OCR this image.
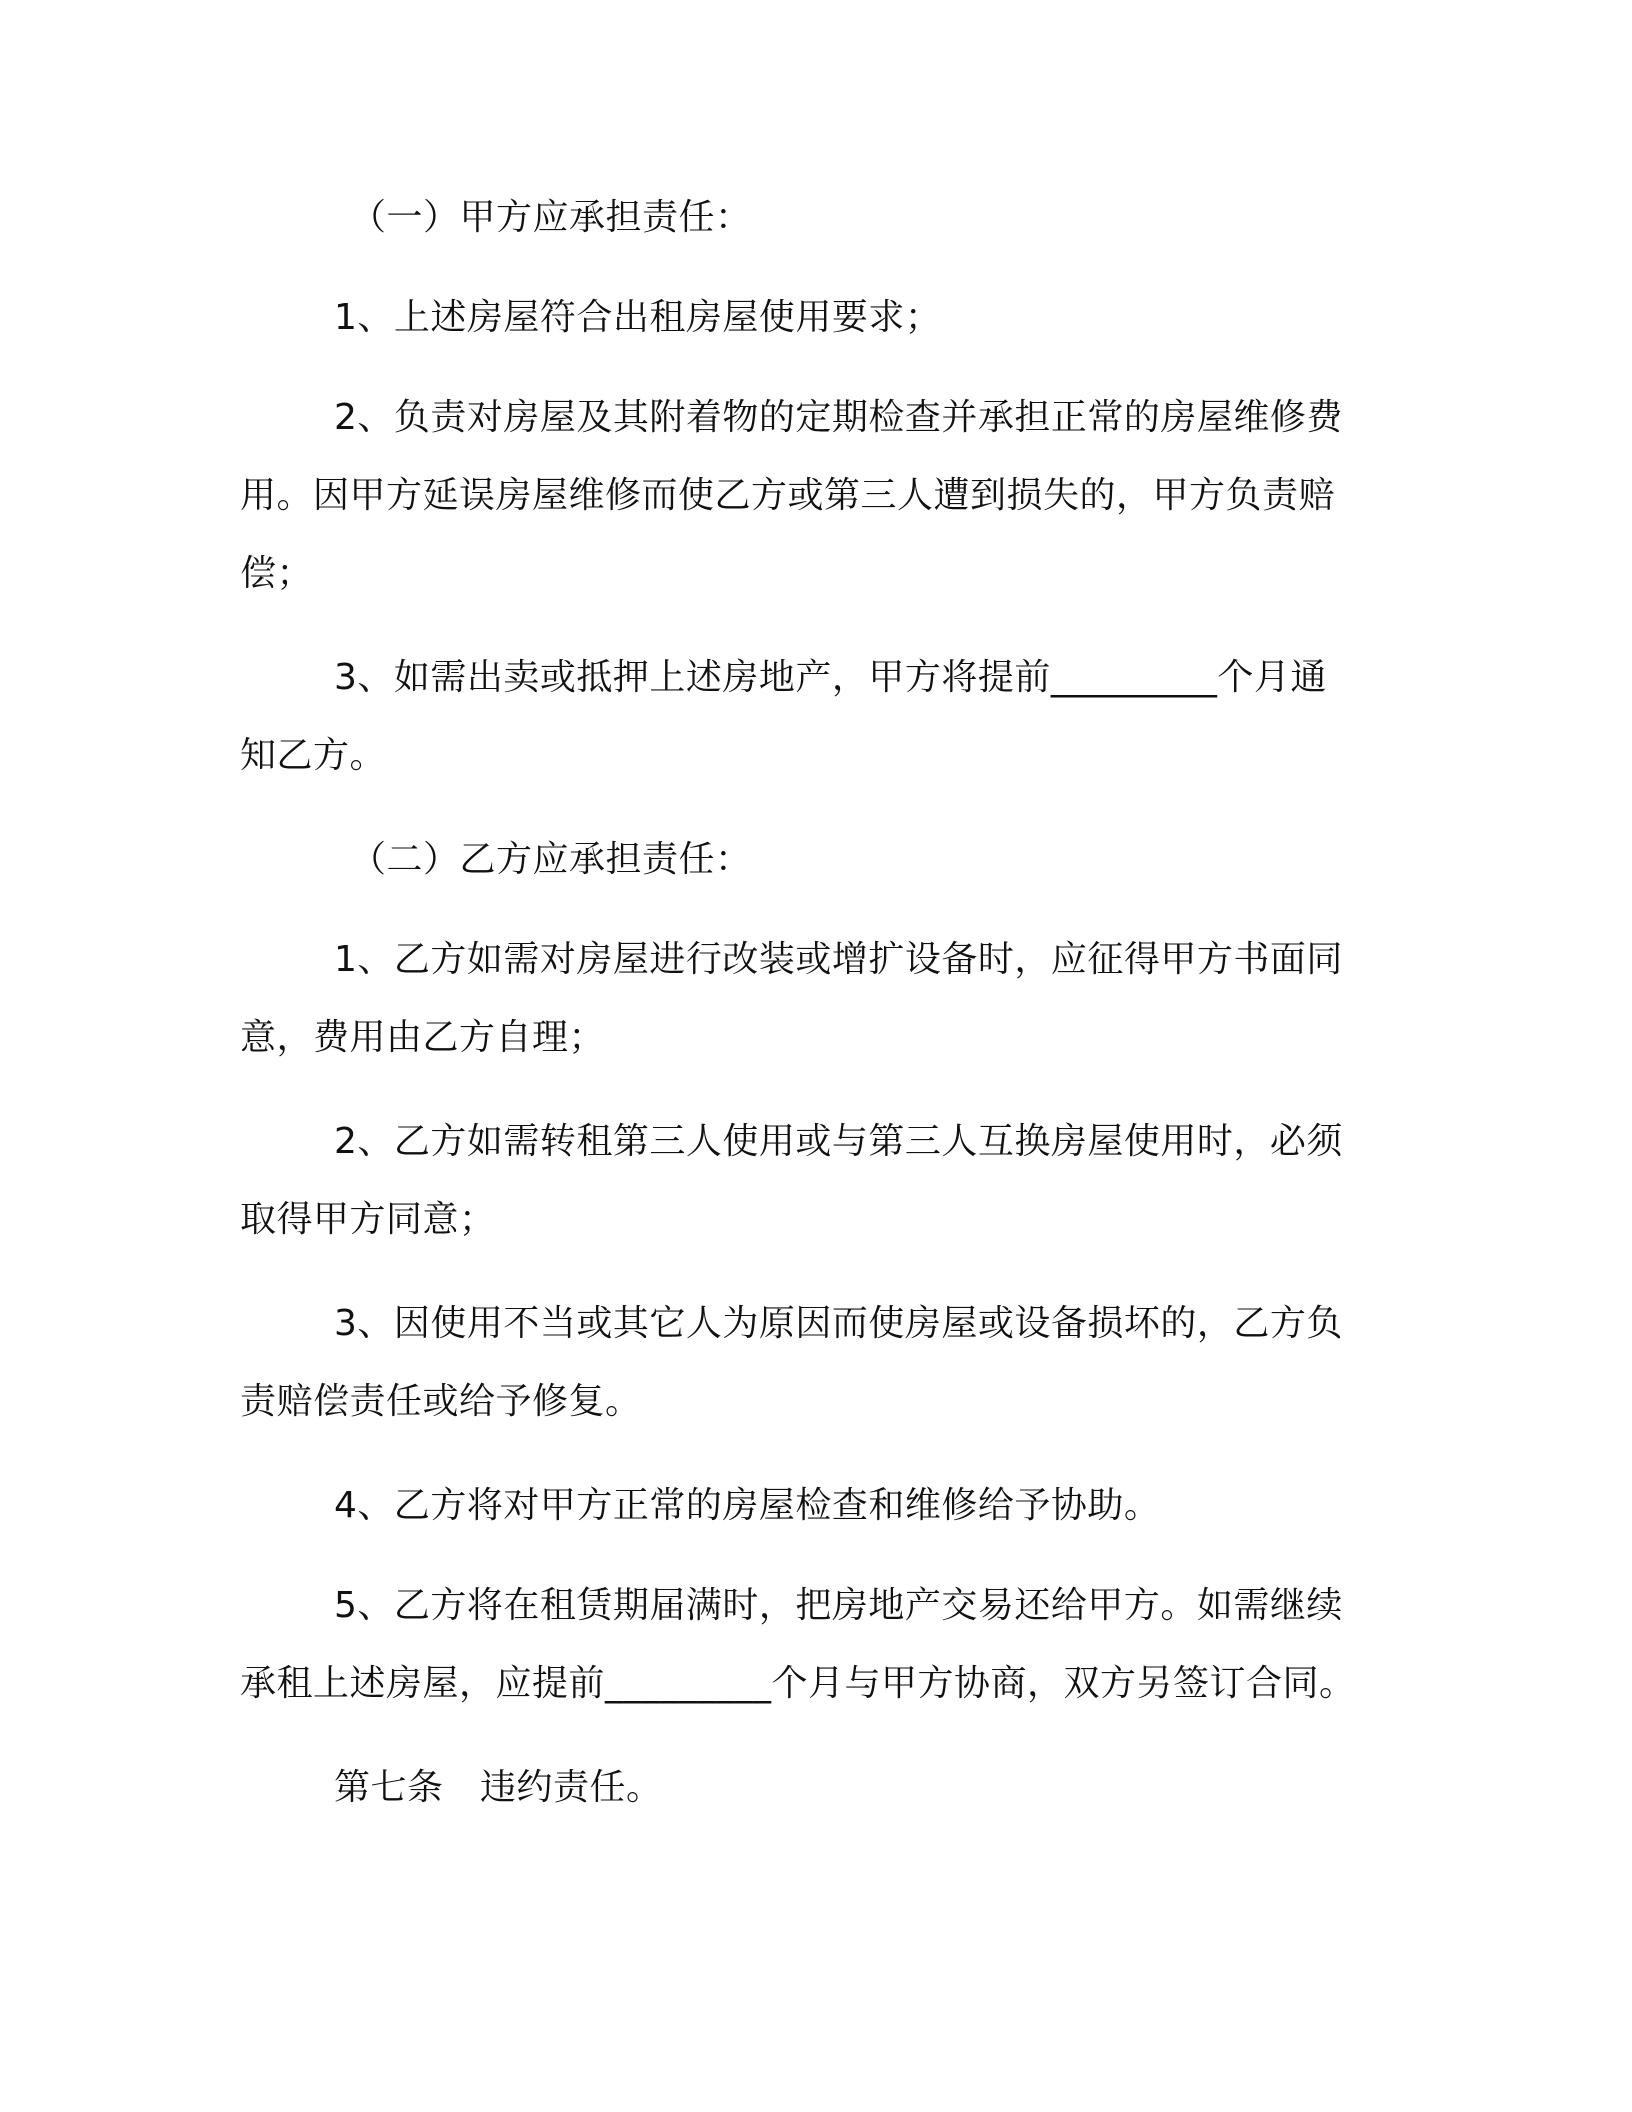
（一）甲方应承担责任：
1、上述房屋符合出租房屋使用要求；
2、负责对房屋及其附着物的定期检查并承担正常的房屋维修费
用。因甲方延误房屋维修而使乙方或第三人遭到损失的，甲方负责赔
偿；
3、如需出卖或抵押上述房地产，甲方将提前_________个月通
知乙方。
（二）乙方应承担责任：
1、乙方如需对房屋进行改装或增扩设备时，应征得甲方书面同
意，费用由乙方自理；
2、乙方如需转租第三人使用或与第三人互换房屋使用时，必须
取得甲方同意；
3、因使用不当或其它人为原因而使房屋或设备损坏的，乙方负
责赔偿责任或给予修复。
4、乙方将对甲方正常的房屋检查和维修给予协助。
5、乙方将在租赁期届满时，把房地产交易还给甲方。如需继续
承租上述房屋，应提前_________个月与甲方协商，双方另签订合同。
第七条　违约责任。
